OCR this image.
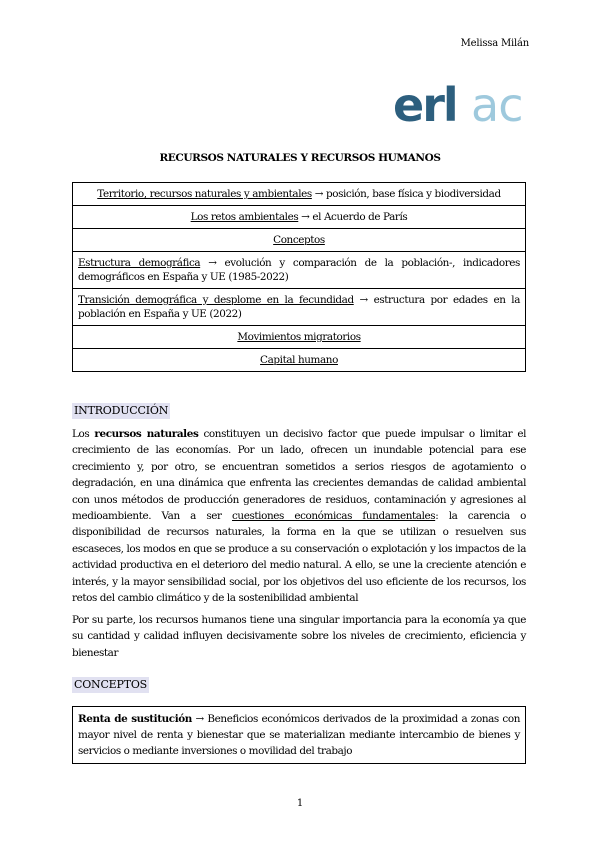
Melissa Milán
erl ac
RECURSOS NATURALES Y RECURSOS HUMANOS
Territorio, recursos naturales y ambientales → posición, base física y biodiversidad
Los retos ambientales → el Acuerdo de París
Conceptos
Estructura demográfica → evolución y comparación de la población-, indicadores demográficos en España y UE (1985-2022)
Transición demográfica y desplome en la fecundidad → estructura por edades en la población en España y UE (2022)
Movimientos migratorios
Capital humano
INTRODUCCIÓN

Los recursos naturales constituyen un decisivo factor que puede impulsar o limitar el crecimiento de las economías. Por un lado, ofrecen un inundable potencial para ese crecimiento y, por otro, se encuentran sometidos a serios riesgos de agotamiento o degradación, en una dinámica que enfrenta las crecientes demandas de calidad ambiental con unos métodos de producción generadores de residuos, contaminación y agresiones al medioambiente. Van a ser cuestiones económicas fundamentales: la carencia o disponibilidad de recursos naturales, la forma en la que se utilizan o resuelven sus escaseces, los modos en que se produce a su conservación o explotación y los impactos de la actividad productiva en el deterioro del medio natural. A ello, se une la creciente atención e interés, y la mayor sensibilidad social, por los objetivos del uso eficiente de los recursos, los retos del cambio climático y de la sostenibilidad ambiental

Por su parte, los recursos humanos tiene una singular importancia para la economía ya que su cantidad y calidad influyen decisivamente sobre los niveles de crecimiento, eficiencia y bienestar

CONCEPTOS
Renta de sustitución → Beneficios económicos derivados de la proximidad a zonas con mayor nivel de renta y bienestar que se materializan mediante intercambio de bienes y servicios o mediante inversiones o movilidad del trabajo
1
